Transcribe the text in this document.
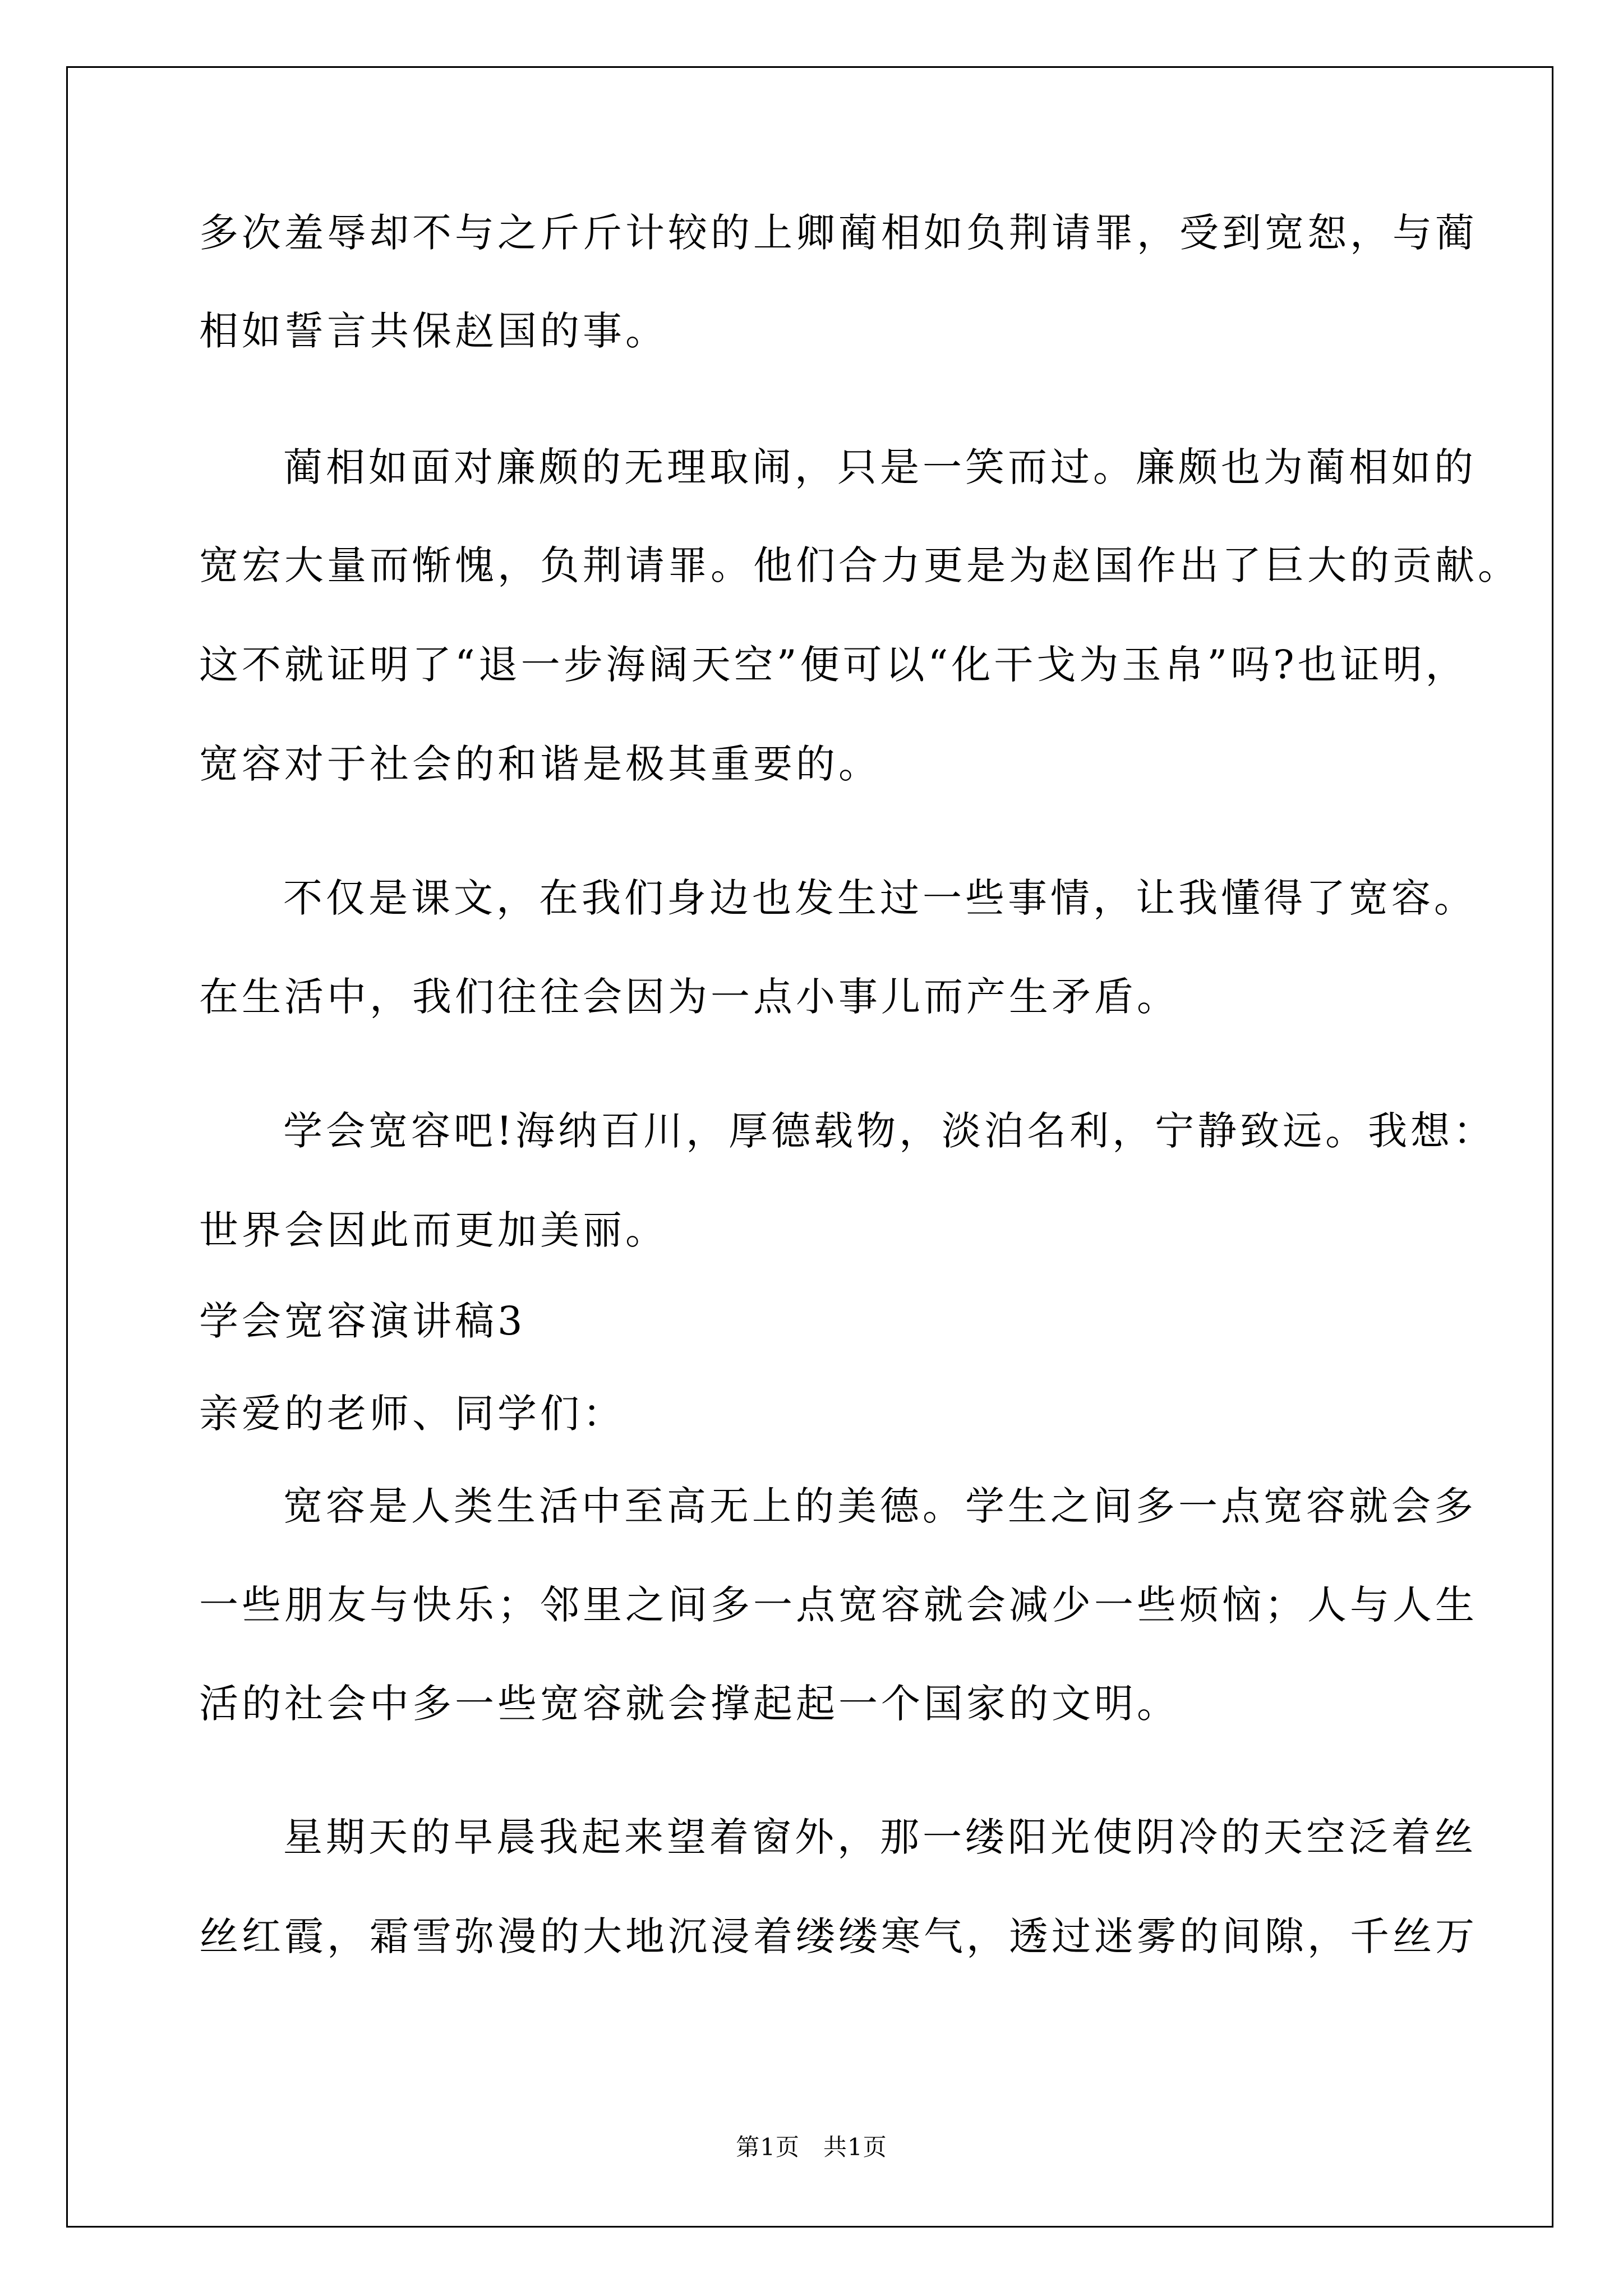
多次羞辱却不与之斤斤计较的上卿蔺相如负荆请罪，受到宽恕，与蔺
相如誓言共保赵国的事。
蔺相如面对廉颇的无理取闹，只是一笑而过。廉颇也为蔺相如的
宽宏大量而惭愧，负荆请罪。他们合力更是为赵国作出了巨大的贡献。
这不就证明了“退一步海阔天空”便可以“化干戈为玉帛”吗?也证明，
宽容对于社会的和谐是极其重要的。
不仅是课文，在我们身边也发生过一些事情，让我懂得了宽容。
在生活中，我们往往会因为一点小事儿而产生矛盾。
学会宽容吧!海纳百川，厚德载物，淡泊名利，宁静致远。我想：
世界会因此而更加美丽。
学会宽容演讲稿3
亲爱的老师、同学们：
宽容是人类生活中至高无上的美德。学生之间多一点宽容就会多
一些朋友与快乐；邻里之间多一点宽容就会减少一些烦恼；人与人生
活的社会中多一些宽容就会撑起起一个国家的文明。
星期天的早晨我起来望着窗外，那一缕阳光使阴冷的天空泛着丝
丝红霞，霜雪弥漫的大地沉浸着缕缕寒气，透过迷雾的间隙，千丝万
第1页 共1页
